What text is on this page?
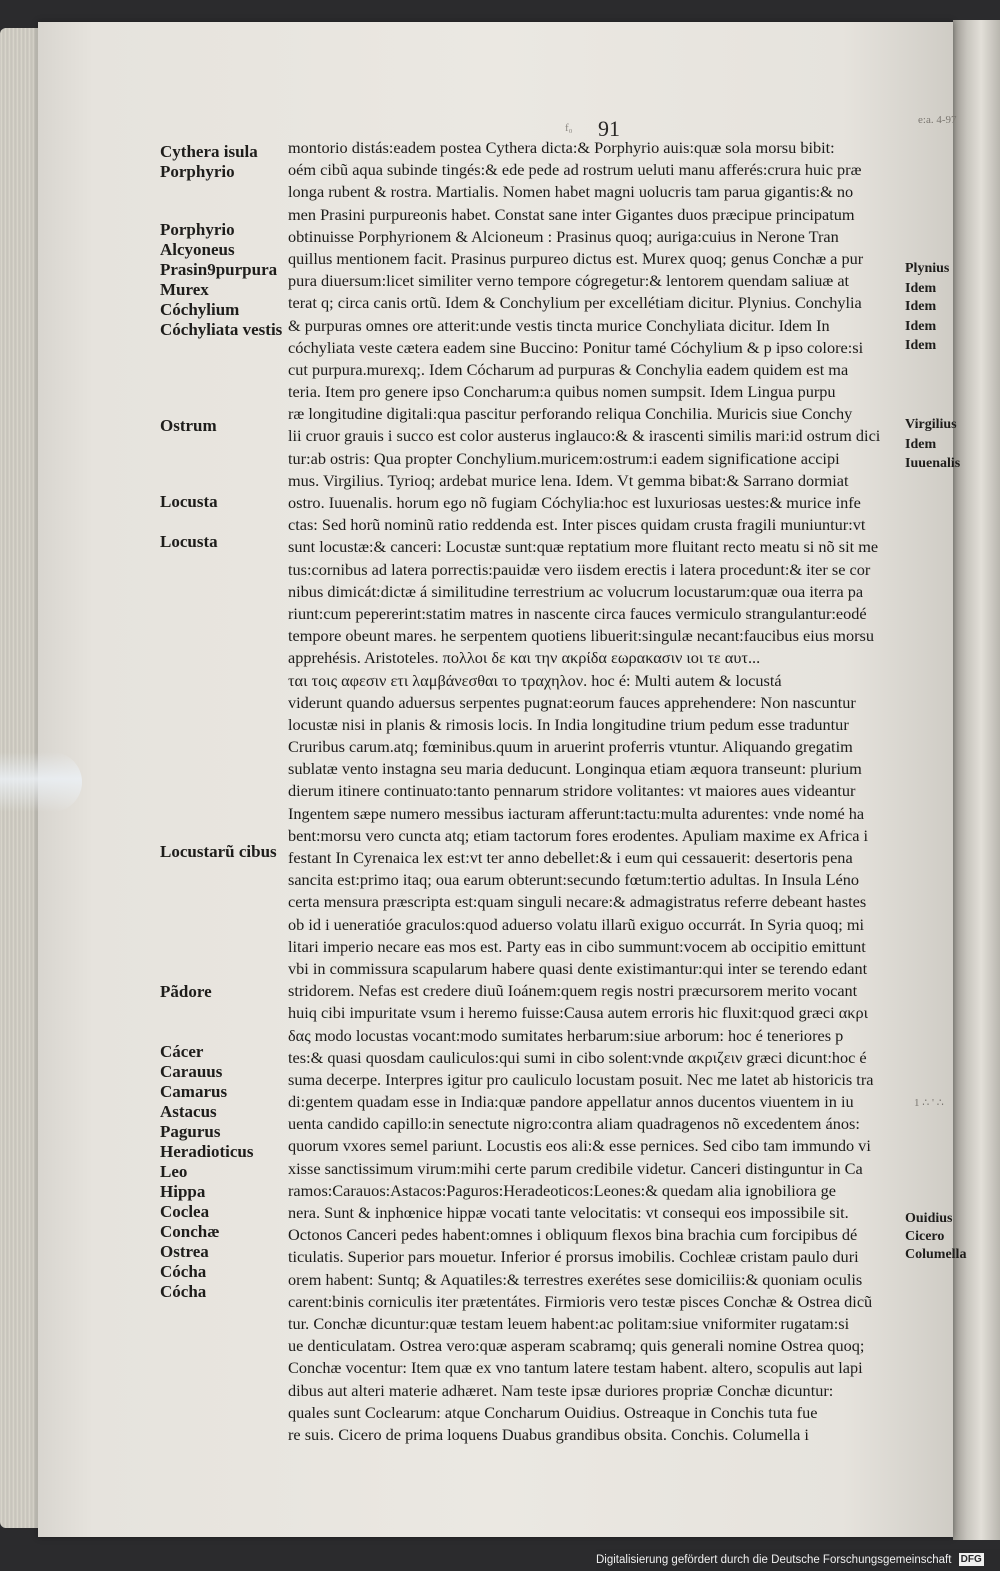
f₀ 91	e:a. 4-97
1 ∴ ' ∴
Cythera isula
Porphyrio
Porphyrio
Alcyoneus
Prasin9purpura
Murex
Cóchylium
Cóchyliata vestis
Ostrum
Locusta
Locusta
Locustarũ cibus
Pãdore
Cácer
Carauus
Camarus
Astacus
Pagurus
Heradioticus
Leo
Hippa
Coclea
Conchæ
Ostrea
Cócha
Cócha
Plynius
Idem
Idem
Idem
Idem
Virgilius
Idem
Iuuenalis
Ouidius
Cicero
Columella
montorio distás:eadem postea Cythera dicta:& Porphyrio auis:quæ sola morsu bibit:
oém cibũ aqua subinde tingés:& ede pede ad rostrum ueluti manu afferés:crura huic præ
longa rubent & rostra. Martialis. Nomen habet magni uolucris tam parua gigantis:& no
men Prasini purpureonis habet. Constat sane inter Gigantes duos præcipue principatum
obtinuisse Porphyrionem & Alcioneum : Prasinus quoq; auriga:cuius in Nerone Tran
quillus mentionem facit. Prasinus purpureo dictus est. Murex quoq; genus Conchæ a pur
pura diuersum:licet similiter verno tempore cógregetur:& lentorem quendam saliuæ at
terat q; circa canis ortũ. Idem & Conchylium per excellétiam dicitur. Plynius. Conchylia
& purpuras omnes ore atterit:unde vestis tincta murice Conchyliata dicitur. Idem In
cóchyliata veste cætera eadem sine Buccino: Ponitur tamé Cóchylium & p ipso colore:si
cut purpura.murexq;. Idem Cócharum ad purpuras & Conchylia eadem quidem est ma
teria. Item pro genere ipso Concharum:a quibus nomen sumpsit. Idem Lingua purpu
ræ longitudine digitali:qua pascitur perforando reliqua Conchilia. Muricis siue Conchy
lii cruor grauis i succo est color austerus inglauco:& & irascenti similis mari:id ostrum dici
tur:ab ostris: Qua propter Conchylium.muricem:ostrum:i eadem significatione accipi
mus. Virgilius. Tyrioq; ardebat murice lena. Idem. Vt gemma bibat:& Sarrano dormiat
ostro. Iuuenalis. horum ego nõ fugiam Cóchylia:hoc est luxuriosas uestes:& murice infe
ctas: Sed horũ nominũ ratio reddenda est. Inter pisces quidam crusta fragili muniuntur:vt
sunt locustæ:& canceri: Locustæ sunt:quæ reptatium more fluitant recto meatu si nõ sit me
tus:cornibus ad latera porrectis:pauidæ vero iisdem erectis i latera procedunt:& iter se cor
nibus dimicát:dictæ á similitudine terrestrium ac volucrum locustarum:quæ oua iterra pa
riunt:cum pepererint:statim matres in nascente circa fauces vermiculo strangulantur:eodé
tempore obeunt mares. he serpentem quotiens libuerit:singulæ necant:faucibus eius morsu
apprehésis. Aristoteles. πολλοι δε και την ακρίδα εωρακασιν ιοι τε αυτ...
ται τοις αφεσιν ετι λαμβάνεσθαι το τραχηλον. hoc é: Multi autem & locustá
viderunt quando aduersus serpentes pugnat:eorum fauces apprehendere: Non nascuntur
locustæ nisi in planis & rimosis locis. In India longitudine trium pedum esse traduntur
Cruribus carum.atq; fœminibus.quum in aruerint proferris vtuntur. Aliquando gregatim
sublatæ vento instagna seu maria deducunt. Longinqua etiam æquora transeunt: plurium
dierum itinere continuato:tanto pennarum stridore volitantes: vt maiores aues videantur
Ingentem sæpe numero messibus iacturam afferunt:tactu:multa adurentes: vnde nomé ha
bent:morsu vero cuncta atq; etiam tactorum fores erodentes. Apuliam maxime ex Africa i
festant In Cyrenaica lex est:vt ter anno debellet:& i eum qui cessauerit: desertoris pena
sancita est:primo itaq; oua earum obterunt:secundo fœtum:tertio adultas. In Insula Léno
certa mensura præscripta est:quam singuli necare:& admagistratus referre debeant hastes
ob id i ueneratióe graculos:quod aduerso volatu illarũ exiguo occurrát. In Syria quoq; mi
litari imperio necare eas mos est. Party eas in cibo summunt:vocem ab occipitio emittunt
vbi in commissura scapularum habere quasi dente existimantur:qui inter se terendo edant
stridorem. Nefas est credere diuũ Ioánem:quem regis nostri præcursorem merito vocant
huiq cibi impuritate vsum i heremo fuisse:Causa autem erroris hic fluxit:quod græci ακρι
δας modo locustas vocant:modo sumitates herbarum:siue arborum: hoc é teneriores p
tes:& quasi quosdam cauliculos:qui sumi in cibo solent:vnde ακριζειν græci dicunt:hoc é
suma decerpe. Interpres igitur pro cauliculo locustam posuit. Nec me latet ab historicis tra
di:gentem quadam esse in India:quæ pandore appellatur annos ducentos viuentem in iu
uenta candido capillo:in senectute nigro:contra aliam quadragenos nõ excedentem ános:
quorum vxores semel pariunt. Locustis eos ali:& esse pernices. Sed cibo tam immundo vi
xisse sanctissimum virum:mihi certe parum credibile videtur. Canceri distinguntur in Ca
ramos:Carauos:Astacos:Paguros:Heradeoticos:Leones:& quedam alia ignobiliora ge
nera. Sunt & inphœnice hippæ vocati tante velocitatis: vt consequi eos impossibile sit.
Octonos Canceri pedes habent:omnes i obliquum flexos bina brachia cum forcipibus dé
ticulatis. Superior pars mouetur. Inferior é prorsus imobilis. Cochleæ cristam paulo duri
orem habent: Suntq; & Aquatiles:& terrestres exerétes sese domiciliis:& quoniam oculis
carent:binis corniculis iter prætentátes. Firmioris vero testæ pisces Conchæ & Ostrea dicũ
tur. Conchæ dicuntur:quæ testam leuem habent:ac politam:siue vniformiter rugatam:si
ue denticulatam. Ostrea vero:quæ asperam scabramq; quis generali nomine Ostrea quoq;
Conchæ vocentur: Item quæ ex vno tantum latere testam habent. altero, scopulis aut lapi
dibus aut alteri materie adhæret. Nam teste ipsæ duriores propriæ Conchæ dicuntur:
quales sunt Coclearum: atque Concharum Ouidius. Ostreaque in Conchis tuta fue
re suis. Cicero de prima loquens Duabus grandibus obsita. Conchis. Columella i
Digitalisierung gefördert durch die Deutsche Forschungsgemeinschaft DFG
